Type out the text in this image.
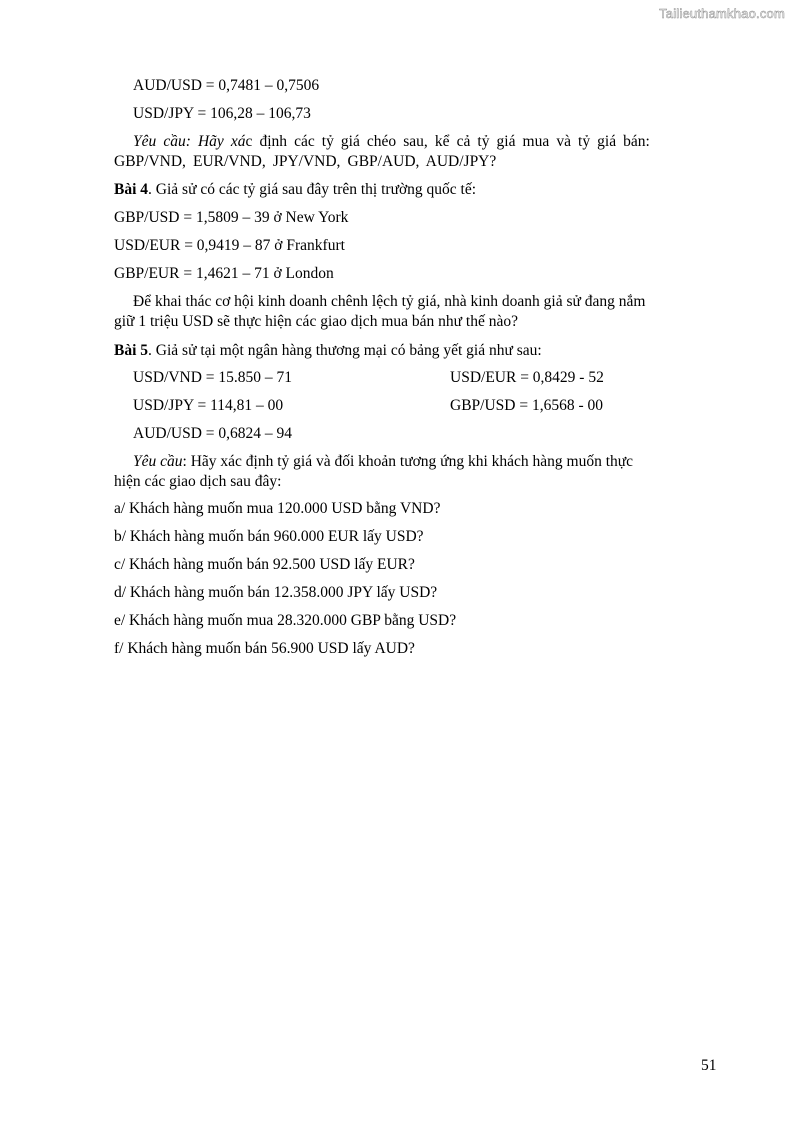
Tailieuthamkhao.com
AUD/USD = 0,7481 – 0,7506
USD/JPY = 106,28 – 106,73
Yêu cầu: Hãy xác định các tỷ giá chéo sau, kể cả tỷ giá mua và tỷ giá bán:
GBP/VND, EUR/VND, JPY/VND, GBP/AUD, AUD/JPY?
Bài 4. Giả sử có các tỷ giá sau đây trên thị trường quốc tế:
GBP/USD = 1,5809 – 39 ở New York
USD/EUR = 0,9419 – 87 ở Frankfurt
GBP/EUR = 1,4621 – 71 ở London
Để khai thác cơ hội kinh doanh chênh lệch tỷ giá, nhà kinh doanh giả sử đang nắm
giữ 1 triệu USD sẽ thực hiện các giao dịch mua bán như thế nào?
Bài 5. Giả sử tại một ngân hàng thương mại có bảng yết giá như sau:
USD/VND = 15.850 – 71	USD/EUR = 0,8429 - 52
USD/JPY = 114,81 – 00	GBP/USD = 1,6568 - 00
AUD/USD = 0,6824 – 94
Yêu cầu: Hãy xác định tỷ giá và đối khoản tương ứng khi khách hàng muốn thực
hiện các giao dịch sau đây:
a/ Khách hàng muốn mua 120.000 USD bằng VND?
b/ Khách hàng muốn bán 960.000 EUR lấy USD?
c/ Khách hàng muốn bán 92.500 USD lấy EUR?
d/ Khách hàng muốn bán 12.358.000 JPY lấy USD?
e/ Khách hàng muốn mua 28.320.000 GBP bằng USD?
f/ Khách hàng muốn bán 56.900 USD lấy AUD?
51
